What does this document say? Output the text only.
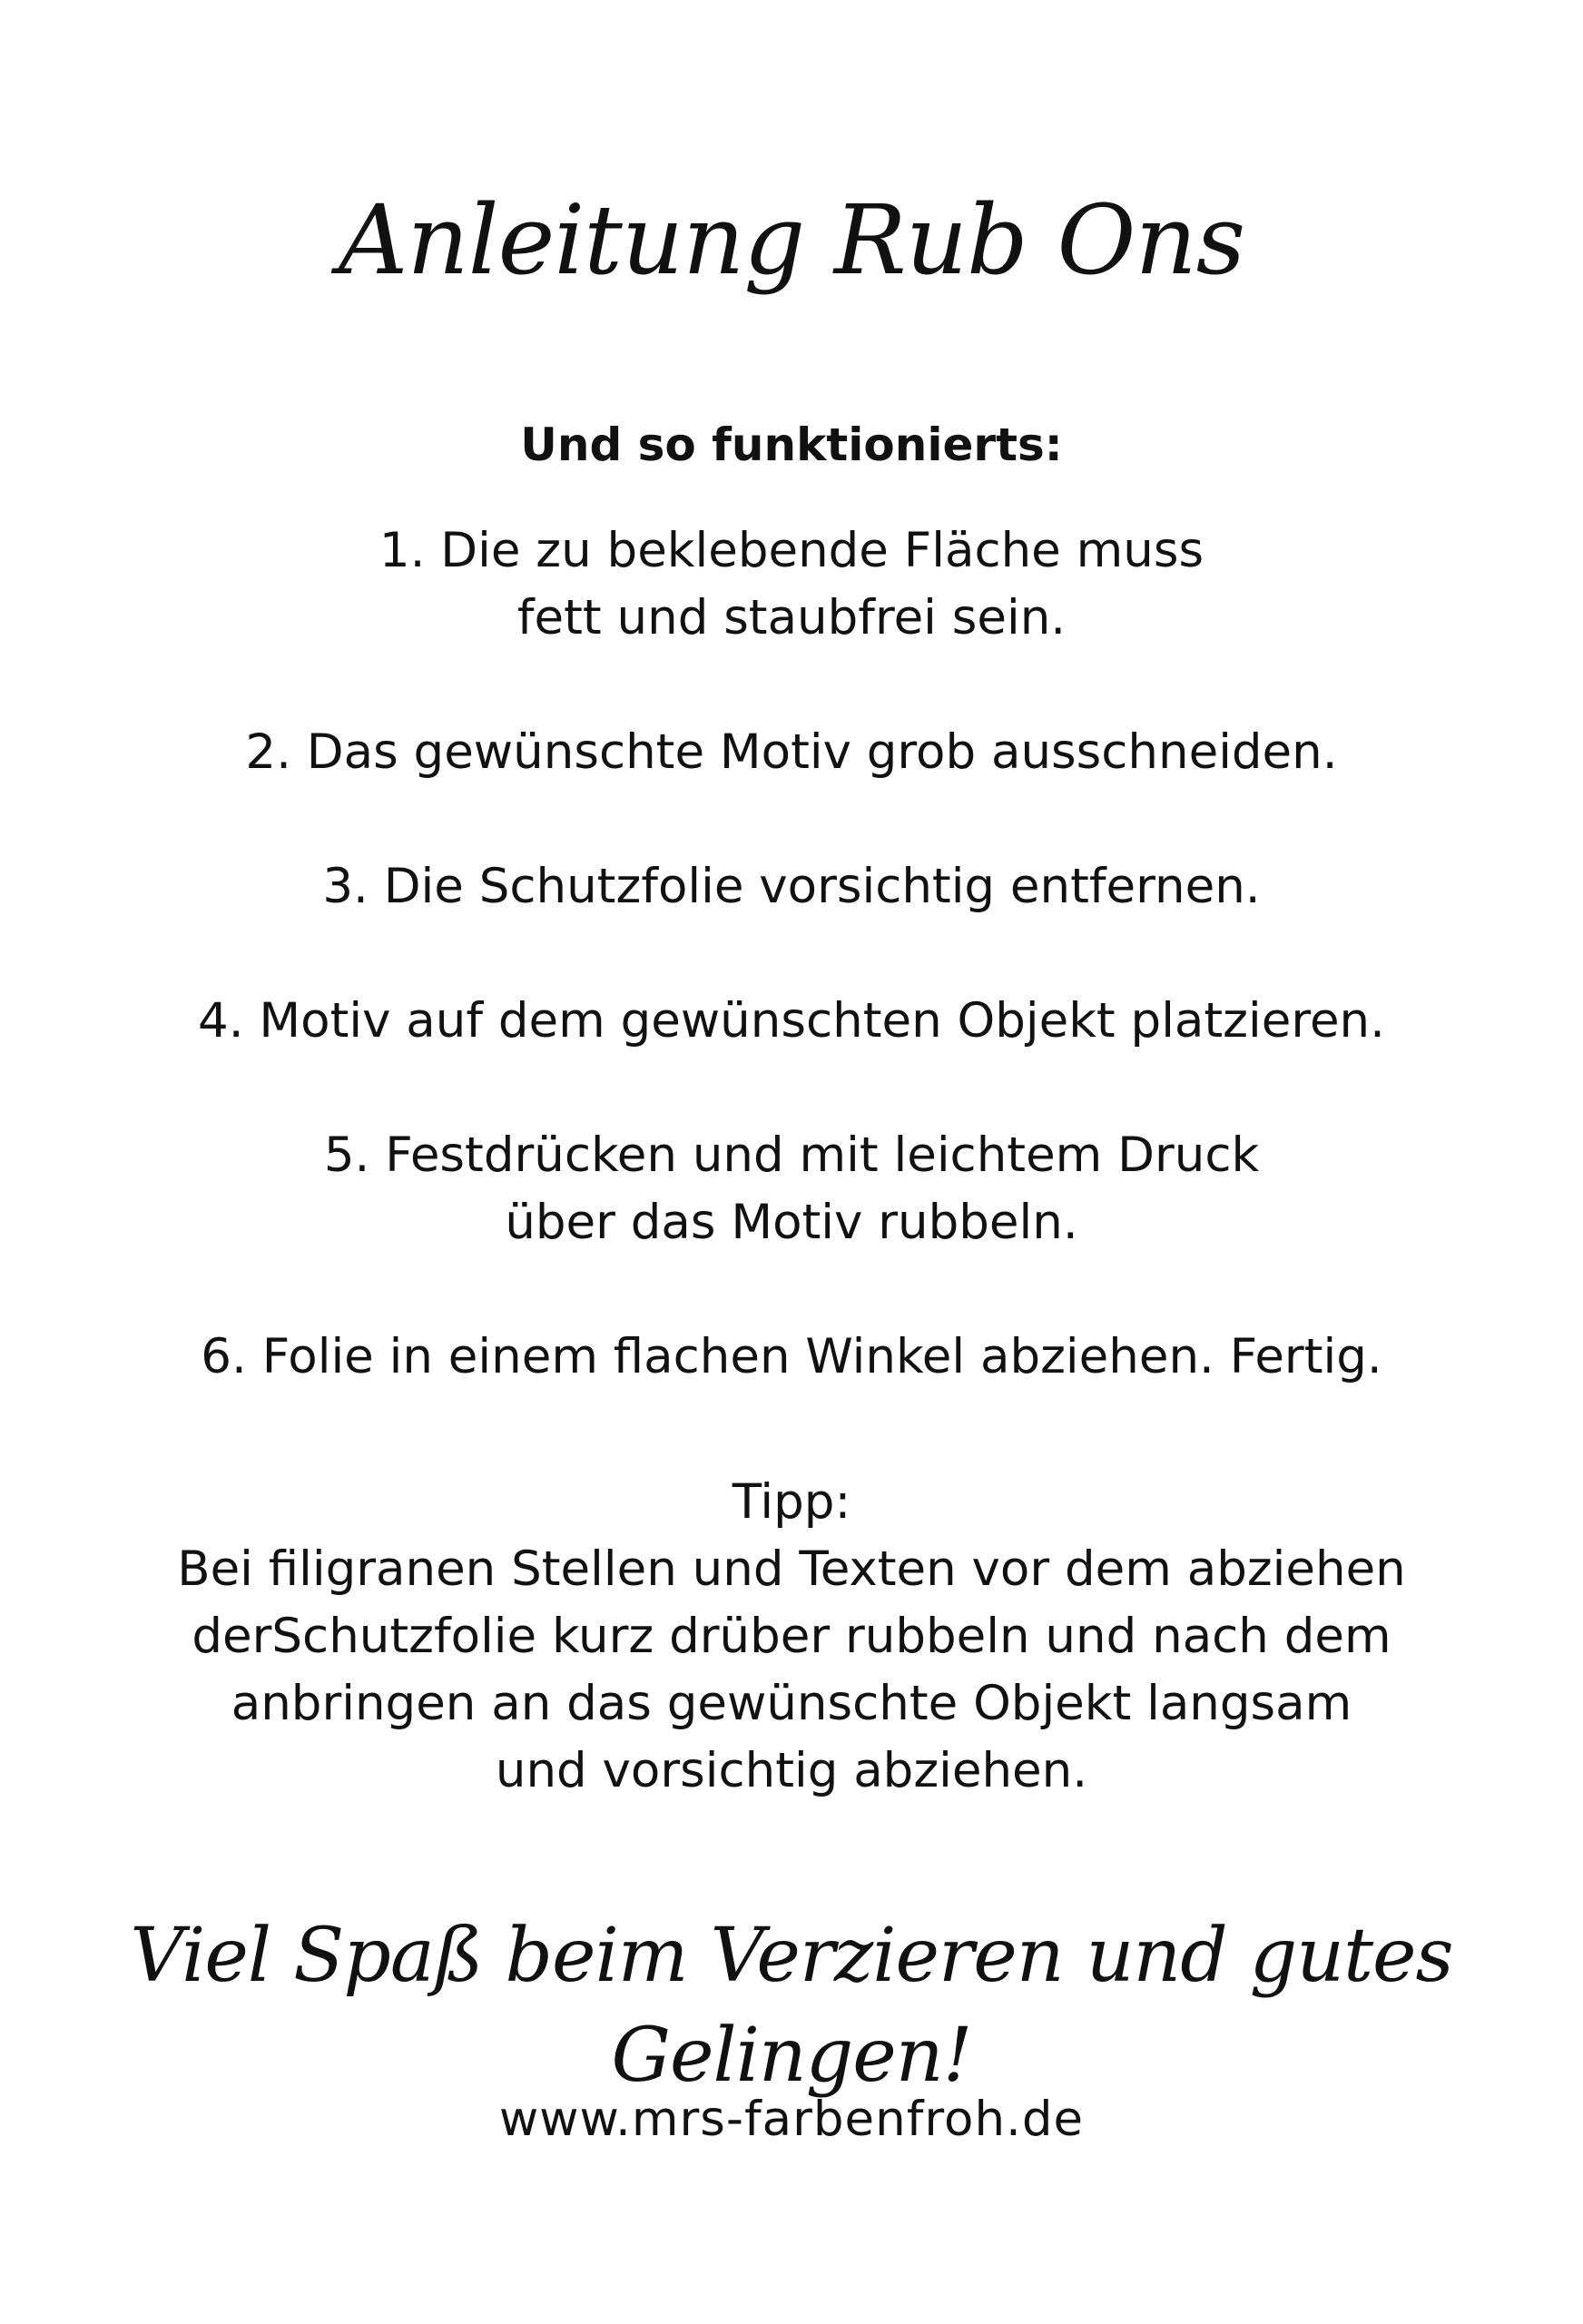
Anleitung Rub Ons
Und so funktionierts:
1. Die zu beklebende Fläche muss
fett und staubfrei sein.
2. Das gewünschte Motiv grob ausschneiden.
3. Die Schutzfolie vorsichtig entfernen.
4. Motiv auf dem gewünschten Objekt platzieren.
5. Festdrücken und mit leichtem Druck
über das Motiv rubbeln.
6. Folie in einem flachen Winkel abziehen. Fertig.
Tipp:
Bei filigranen Stellen und Texten vor dem abziehen
derSchutzfolie kurz drüber rubbeln und nach dem
anbringen an das gewünschte Objekt langsam
und vorsichtig abziehen.
Viel Spaß beim Verzieren und gutes Gelingen!
www.mrs-farbenfroh.de
